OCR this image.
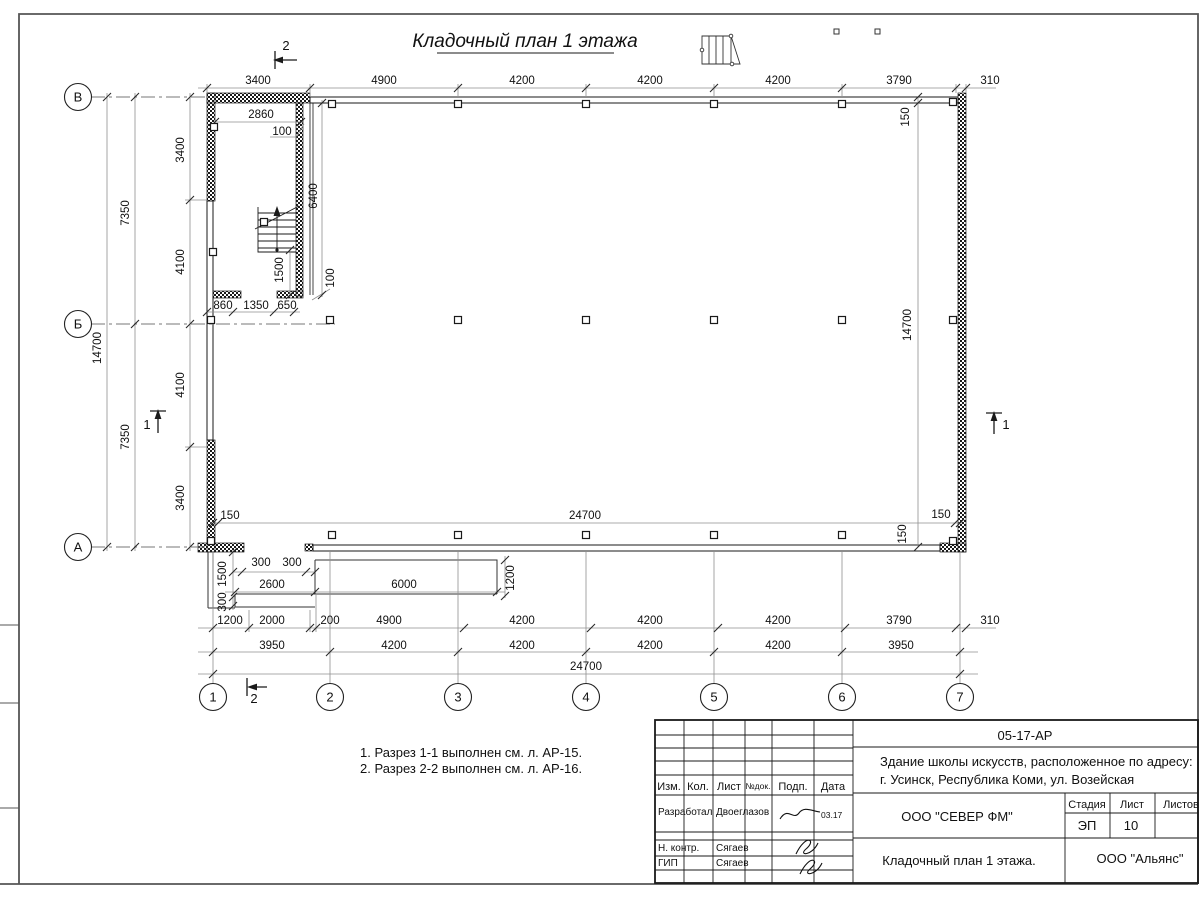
Кладочный план 1 этажа
3400	4900	4200	4200	4200	3790	310
2860
100
6400
1500	100
860 1350 650
3400
4100
4100
3400
7350
7350
14700
150
14700
150
150
150	24700
300 300
2600	6000	1200
1500
300
1200 2000	200	4900	4200	4200	4200	3790	310
3950	4200	4200	4200	4200	3950
24700
2
1	1
2
В
Б
А
1	2	3	4	5	6	7
1. Разрез 1-1 выполнен см. л. АР-15.
2. Разрез 2-2 выполнен см. л. АР-16.
05-17-АР
Здание школы искусств, расположенное по адресу:
г. Усинск, Республика Коми, ул. Возейская
ООО "СЕВЕР ФМ"
Стадия Лист Листов
ЭП 10
Кладочный план 1 этажа.	ООО "Альянс"
Изм. Кол. Лист №док. Подп. Дата
Разработал Двоеглазов	03.17
Н. контр. Сягаев
ГИП	Сягаев
